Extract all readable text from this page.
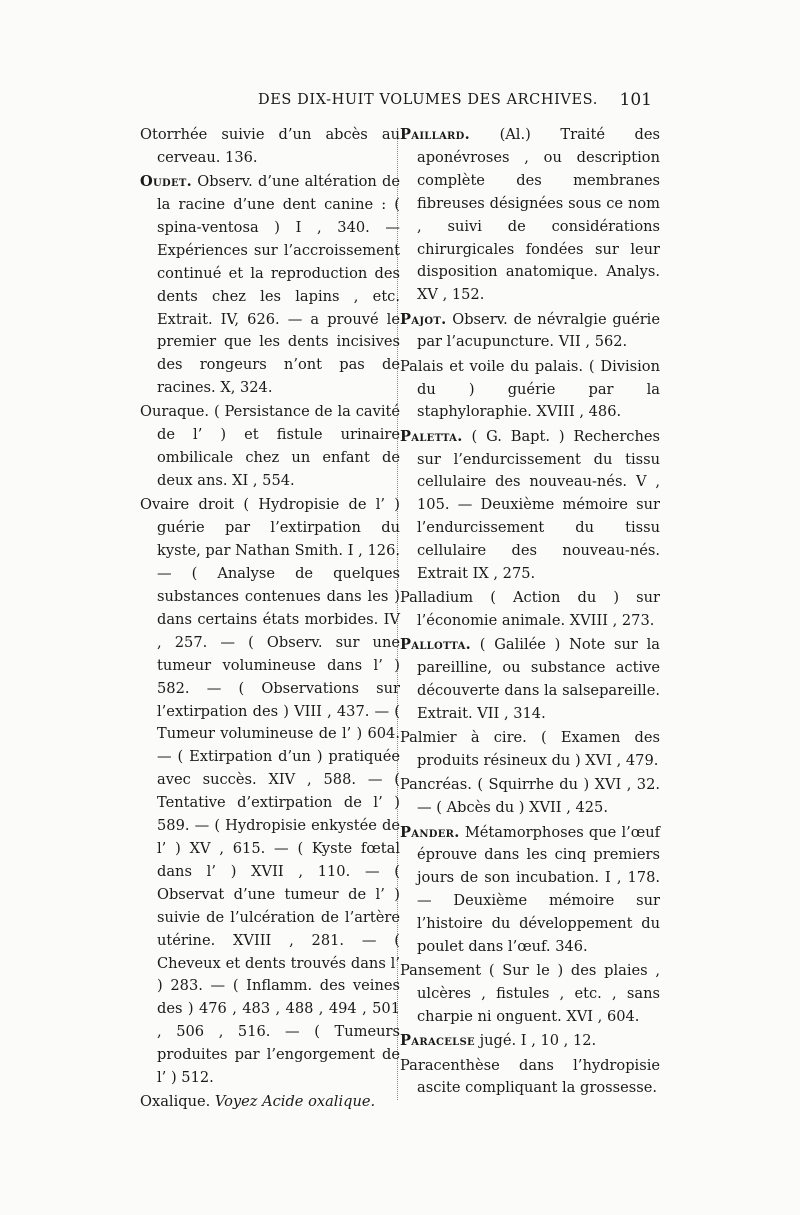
DES DIX-HUIT VOLUMES DES ARCHIVES. 101

Otorrhée suivie d’un abcès au cerveau. 136.

Oudet. Observ. d’une altération de la racine d’une dent canine : ( spina-ventosa ) I , 340. — Expériences sur l’accroissement continué et la reproduction des dents chez les lapins , etc. Extrait. IV, 626. — a prouvé le premier que les dents incisives des rongeurs n’ont pas de racines. X, 324.

Ouraque. ( Persistance de la cavité de l’ ) et fistule urinaire ombilicale chez un enfant de deux ans. XI , 554.

Ovaire droit ( Hydropisie de l’ ) guérie par l’extirpation du kyste, par Nathan Smith. I , 126. — ( Analyse de quelques substances contenues dans les ) dans certains états morbides. IV , 257. — ( Observ. sur une tumeur volumineuse dans l’ ) 582. — ( Observations sur l’extirpation des ) VIII , 437. — ( Tumeur volumineuse de l’ ) 604. — ( Extirpation d’un ) pratiquée avec succès. XIV , 588. — ( Tentative d’extirpation de l’ ) 589. — ( Hydropisie enkystée de l’ ) XV , 615. — ( Kyste fœtal dans l’ ) XVII , 110. — ( Observat d’une tumeur de l’ ) suivie de l’ulcération de l’artère utérine. XVIII , 281. — ( Cheveux et dents trouvés dans l’ ) 283. — ( Inflamm. des veines des ) 476 , 483 , 488 , 494 , 501 , 506 , 516. — ( Tumeurs produites par l’engorgement de l’ ) 512.

Oxalique. Voyez Acide oxalique.

Paillard. (Al.) Traité des aponévroses , ou description complète des membranes fibreuses désignées sous ce nom , suivi de considérations chirurgicales fondées sur leur disposition anatomique. Analys. XV , 152.

Pajot. Observ. de névralgie guérie par l’acupuncture. VII , 562.

Palais et voile du palais. ( Division du ) guérie par la staphyloraphie. XVIII , 486.

Paletta. ( G. Bapt. ) Recherches sur l’endurcissement du tissu cellulaire des nouveau-nés. V , 105. — Deuxième mémoire sur l’endurcissement du tissu cellulaire des nouveau-nés. Extrait IX , 275.

Palladium ( Action du ) sur l’économie animale. XVIII , 273.

Pallotta. ( Galilée ) Note sur la pareilline, ou substance active découverte dans la salsepareille. Extrait. VII , 314.

Palmier à cire. ( Examen des produits résineux du ) XVI , 479.

Pancréas. ( Squirrhe du ) XVI , 32. — ( Abcès du ) XVII , 425.

Pander. Métamorphoses que l’œuf éprouve dans les cinq premiers jours de son incubation. I , 178. — Deuxième mémoire sur l’histoire du développement du poulet dans l’œuf. 346.

Pansement ( Sur le ) des plaies , ulcères , fistules , etc. , sans charpie ni onguent. XVI , 604.

Paracelse jugé. I , 10 , 12.

Paracenthèse dans l’hydropisie ascite compliquant la grossesse.
